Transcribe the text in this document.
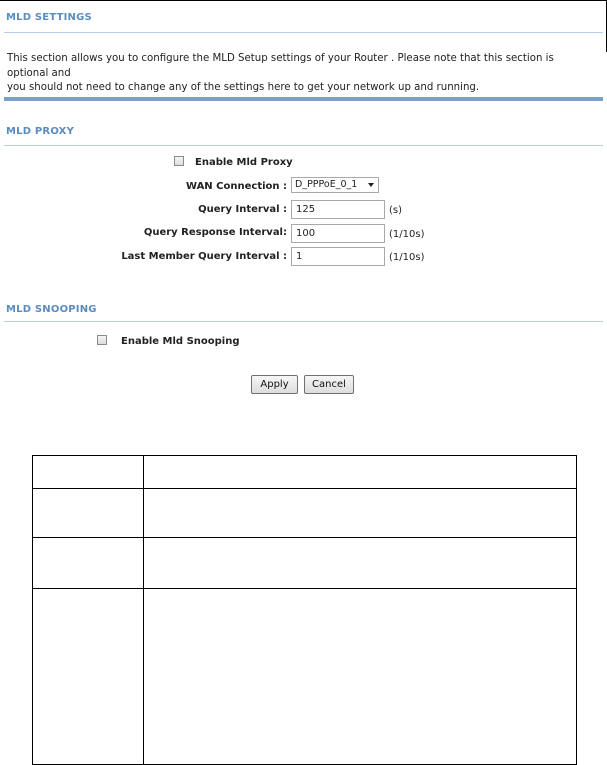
MLD SETTINGS
This section allows you to configure the MLD Setup settings of your Router . Please note that this section is optional and
you should not need to change any of the settings here to get your network up and running.
MLD PROXY
Enable Mld Proxy
WAN Connection : D_PPPoE_0_1
Query Interval : 125	(s)
Query Response Interval: 100	(1/10s)
Last Member Query Interval : 1	(1/10s)
MLD SNOOPING
Enable Mld Snooping
Apply	Cancel
